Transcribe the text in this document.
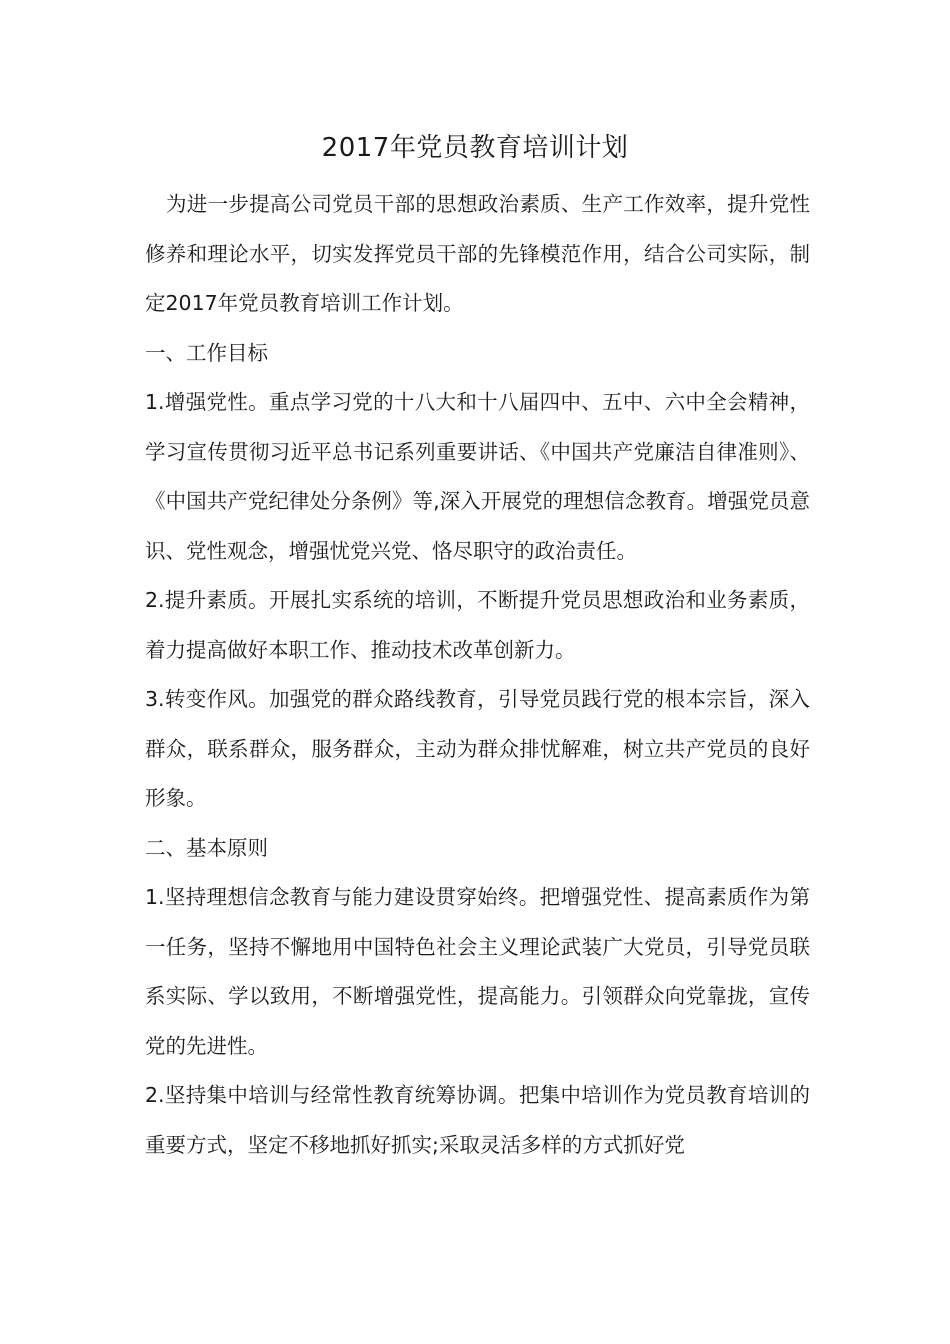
2017年党员教育培训计划

为进一步提高公司党员干部的思想政治素质、生产工作效率，提升党性修养和理论水平，切实发挥党员干部的先锋模范作用，结合公司实际，制定2017年党员教育培训工作计划。

一、工作目标

1.增强党性。重点学习党的十八大和十八届四中、五中、六中全会精神，学习宣传贯彻习近平总书记系列重要讲话、《中国共产党廉洁自律准则》、《中国共产党纪律处分条例》等,深入开展党的理想信念教育。增强党员意识、党性观念，增强忧党兴党、恪尽职守的政治责任。

2.提升素质。开展扎实系统的培训，不断提升党员思想政治和业务素质，着力提高做好本职工作、推动技术改革创新力。

3.转变作风。加强党的群众路线教育，引导党员践行党的根本宗旨，深入群众，联系群众，服务群众，主动为群众排忧解难，树立共产党员的良好形象。

二、基本原则

1.坚持理想信念教育与能力建设贯穿始终。把增强党性、提高素质作为第一任务，坚持不懈地用中国特色社会主义理论武装广大党员，引导党员联系实际、学以致用，不断增强党性，提高能力。引领群众向党靠拢，宣传党的先进性。

2.坚持集中培训与经常性教育统筹协调。把集中培训作为党员教育培训的重要方式，坚定不移地抓好抓实;采取灵活多样的方式抓好党
